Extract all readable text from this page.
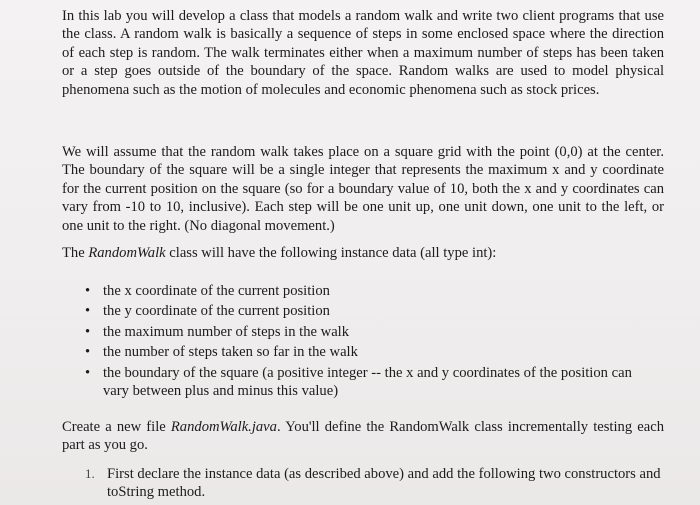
In this lab you will develop a class that models a random walk and write two client programs that use the class. A random walk is basically a sequence of steps in some enclosed space where the direction of each step is random. The walk terminates either when a maximum number of steps has been taken or a step goes outside of the boundary of the space. Random walks are used to model physical phenomena such as the motion of molecules and economic phenomena such as stock prices.

We will assume that the random walk takes place on a square grid with the point (0,0) at the center. The boundary of the square will be a single integer that represents the maximum x and y coordinate for the current position on the square (so for a boundary value of 10, both the x and y coordinates can vary from -10 to 10, inclusive). Each step will be one unit up, one unit down, one unit to the left, or one unit to the right. (No diagonal movement.)

The RandomWalk class will have the following instance data (all type int):

• the x coordinate of the current position
• the y coordinate of the current position
• the maximum number of steps in the walk
• the number of steps taken so far in the walk
• the boundary of the square (a positive integer -- the x and y coordinates of the position can vary between plus and minus this value)

Create a new file RandomWalk.java. You'll define the RandomWalk class incrementally testing each part as you go.

1. First declare the instance data (as described above) and add the following two constructors and toString method.
